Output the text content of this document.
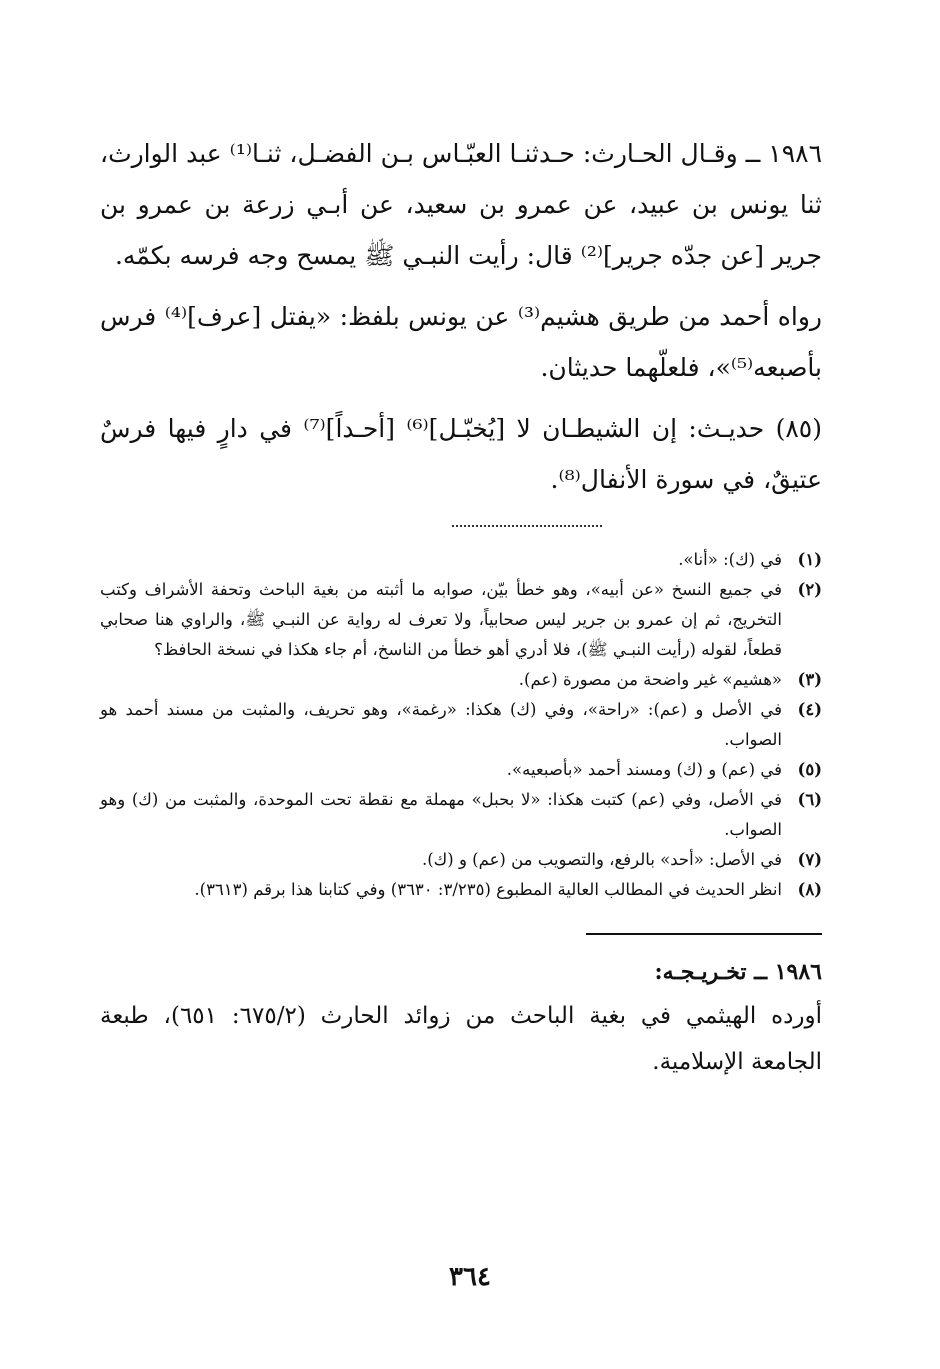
١٩٨٦ ــ وقـال الحـارث: حـدثنـا العبّـاس بـن الفضـل، ثنـا⁽¹⁾ عبد الوارث، ثنا يونس بن عبيد، عن عمرو بن سعيد، عن أبـي زرعة بن عمرو بن جرير [عن جدّه جرير]⁽²⁾ قال: رأيت النبـي ﷺ يمسح وجه فرسه بكمّه.

رواه أحمد من طريق هشيم⁽³⁾ عن يونس بلفظ: «يفتل [عرف]⁽⁴⁾ فرس بأصبعه⁽⁵⁾»، فلعلّهما حديثان.

(٨٥) حديـث: إن الشيطـان لا [يُخبّـل]⁽⁶⁾ [أحـداً]⁽⁷⁾ في دارٍ فيها فرسٌ عتيقٌ، في سورة الأنفال⁽⁸⁾.

(١)
في (ك): «أنا».
(٢)
في جميع النسخ «عن أبيه»، وهو خطأ بيّن، صوابه ما أثبته من بغية الباحث وتحفة الأشراف وكتب التخريج، ثم إن عمرو بن جرير ليس صحابياً، ولا تعرف له رواية عن النبـي ﷺ، والراوي هنا صحابي قطعاً، لقوله (رأيت النبـي ﷺ)، فلا أدري أهو خطأ من الناسخ، أم جاء هكذا في نسخة الحافظ؟
(٣)
«هشيم» غير واضحة من مصورة (عم).
(٤)
في الأصل و (عم): «راحة»، وفي (ك) هكذا: «رغمة»، وهو تحريف، والمثبت من مسند أحمد هو الصواب.
(٥)
في (عم) و (ك) ومسند أحمد «بأصبعيه».
(٦)
في الأصل، وفي (عم) كتبت هكذا: «لا بحبل» مهملة مع نقطة تحت الموحدة، والمثبت من (ك) وهو الصواب.
(٧)
في الأصل: «أحد» بالرفع، والتصويب من (عم) و (ك).
(٨)
انظر الحديث في المطالب العالية المطبوع (٣/٢٣٥: ٣٦٣٠) وفي كتابنا هذا برقم (٣٦١٣).
١٩٨٦ ــ تخـريـجـه:

أورده الهيثمي في بغية الباحث من زوائد الحارث (٦٧٥/٢: ٦٥١)، طبعة الجامعة الإسلامية.

٣٦٤
